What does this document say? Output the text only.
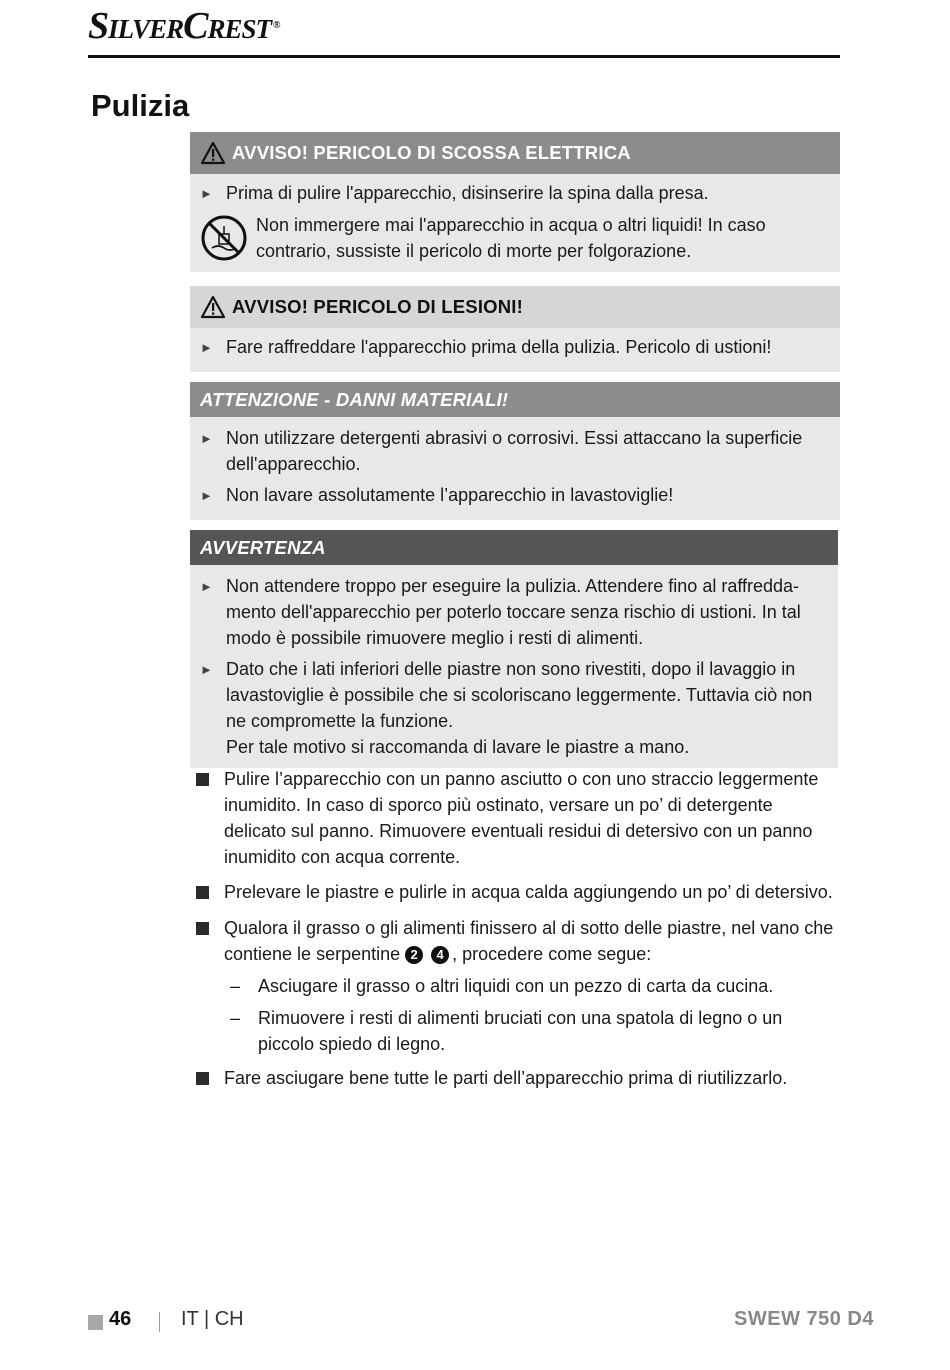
SilverCrest ®
Pulizia
AVVISO! PERICOLO DI SCOSSA ELETTRICA
► Prima di pulire l'apparecchio, disinserire la spina dalla presa.
Non immergere mai l'apparecchio in acqua o altri liquidi! In caso contrario, sussiste il pericolo di morte per folgorazione.
AVVISO! PERICOLO DI LESIONI!
► Fare raffreddare l'apparecchio prima della pulizia. Pericolo di ustioni!
ATTENZIONE - DANNI MATERIALI!
► Non utilizzare detergenti abrasivi o corrosivi. Essi attaccano la superficie dell'apparecchio.
► Non lavare assolutamente l’apparecchio in lavastoviglie!
AVVERTENZA
► Non attendere troppo per eseguire la pulizia. Attendere fino al raffredda-mento dell'apparecchio per poterlo toccare senza rischio di ustioni. In tal modo è possibile rimuovere meglio i resti di alimenti.
► Dato che i lati inferiori delle piastre non sono rivestiti, dopo il lavaggio in lavastoviglie è possibile che si scoloriscano leggermente. Tuttavia ciò non ne compromette la funzione.
Per tale motivo si raccomanda di lavare le piastre a mano.
Pulire l’apparecchio con un panno asciutto o con uno straccio leggermente inumidito. In caso di sporco più ostinato, versare un po’ di detergente delicato sul panno. Rimuovere eventuali residui di detersivo con un panno inumidito con acqua corrente.
Prelevare le piastre e pulirle in acqua calda aggiungendo un po’ di detersivo.
Qualora il grasso o gli alimenti finissero al di sotto delle piastre, nel vano che contiene le serpentine 2 4 , procedere come segue:
– Asciugare il grasso o altri liquidi con un pezzo di carta da cucina.
– Rimuovere i resti di alimenti bruciati con una spatola di legno o un piccolo spiedo di legno.
Fare asciugare bene tutte le parti dell’apparecchio prima di riutilizzarlo.
46 IT | CH	SWEW 750 D4
